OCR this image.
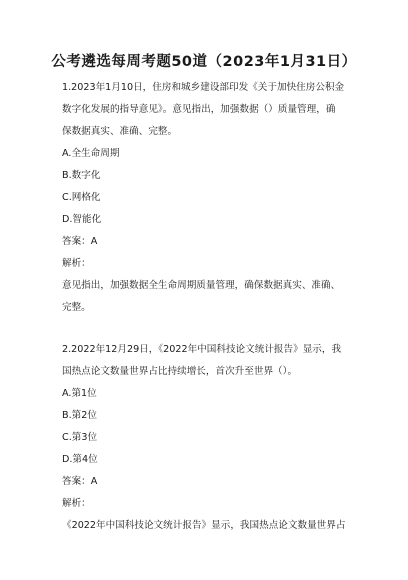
公考遴选每周考题50道（2023年1月31日）
1.2023年1月10日，住房和城乡建设部印发《关于加快住房公积金
数字化发展的指导意见》。意见指出，加强数据（）质量管理，确
保数据真实、准确、完整。
A.全生命周期
B.数字化
C.网格化
D.智能化
答案：A
解析：
意见指出，加强数据全生命周期质量管理，确保数据真实、准确、
完整。
2.2022年12月29日，《2022年中国科技论文统计报告》显示，我
国热点论文数量世界占比持续增长，首次升至世界（）。
A.第1位
B.第2位
C.第3位
D.第4位
答案：A
解析：
《2022年中国科技论文统计报告》显示，我国热点论文数量世界占
